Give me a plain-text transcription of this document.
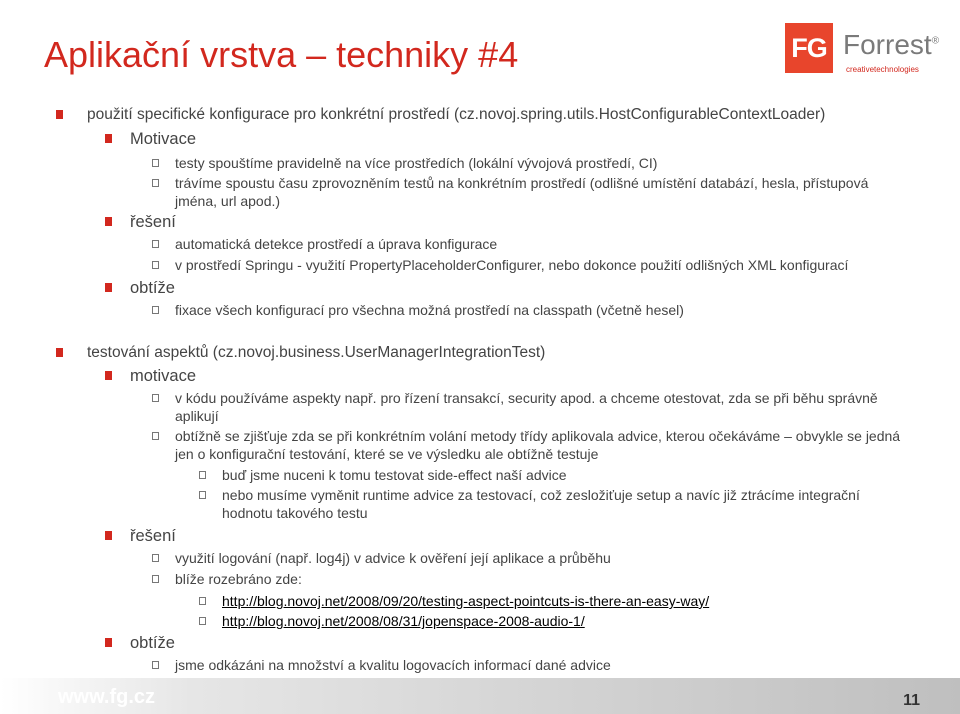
Aplikační vrstva – techniky #4	FG Forrest®
creativetechnologies
použití specifické konfigurace pro konkrétní prostředí (cz.novoj.spring.utils.HostConfigurableContextLoader)
Motivace
testy spouštíme pravidelně na více prostředích (lokální vývojová prostředí, CI)
trávíme spoustu času zprovozněním testů na konkrétním prostředí (odlišné umístění databází, hesla, přístupová jména, url apod.)
řešení
automatická detekce prostředí a úprava konfigurace
v prostředí Springu - využití PropertyPlaceholderConfigurer, nebo dokonce použití odlišných XML konfigurací
obtíže
fixace všech konfigurací pro všechna možná prostředí na classpath (včetně hesel)
testování aspektů (cz.novoj.business.UserManagerIntegrationTest)
motivace
v kódu používáme aspekty např. pro řízení transakcí, security apod. a chceme otestovat, zda se při běhu správně aplikují
obtížně se zjišťuje zda se při konkrétním volání metody třídy aplikovala advice, kterou očekáváme – obvykle se jedná jen o konfigurační testování, které se ve výsledku ale obtížně testuje
buď jsme nuceni k tomu testovat side-effect naší advice
nebo musíme vyměnit runtime advice za testovací, což zesložiťuje setup a navíc již ztrácíme integrační hodnotu takového testu
řešení
využití logování (např. log4j) v advice k ověření její aplikace a průběhu
blíže rozebráno zde:
http://blog.novoj.net/2008/09/20/testing-aspect-pointcuts-is-there-an-easy-way/
http://blog.novoj.net/2008/08/31/jopenspace-2008-audio-1/
obtíže
jsme odkázáni na množství a kvalitu logovacích informací dané advice
www.fg.cz	11
